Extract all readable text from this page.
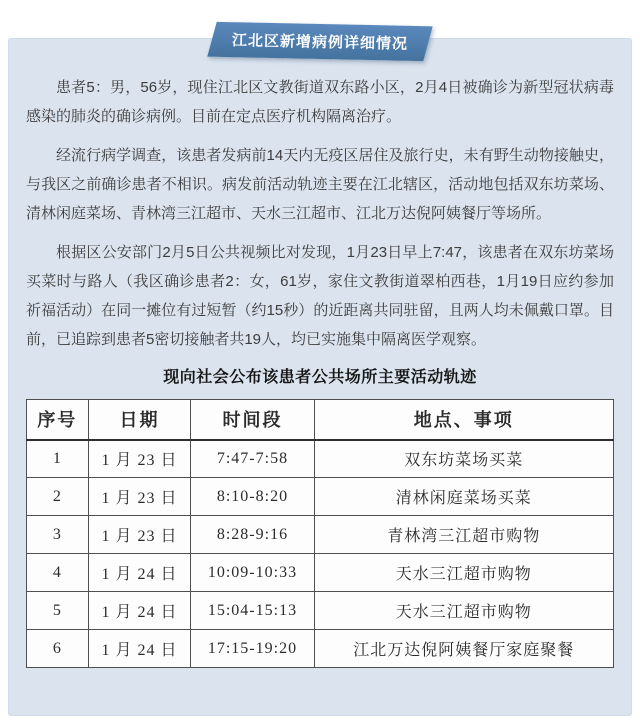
患者5：男，56岁，现住江北区文教街道双东路小区，2月4日被确诊为新型冠状病毒感染的肺炎的确诊病例。目前在定点医疗机构隔离治疗。

经流行病学调查，该患者发病前14天内无疫区居住及旅行史，未有野生动物接触史，与我区之前确诊患者不相识。病发前活动轨迹主要在江北辖区，活动地包括双东坊菜场、清林闲庭菜场、青林湾三江超市、天水三江超市、江北万达倪阿姨餐厅等场所。

根据区公安部门2月5日公共视频比对发现，1月23日早上7:47，该患者在双东坊菜场买菜时与路人（我区确诊患者2：女，61岁，家住文教街道翠柏西巷，1月19日应约参加祈福活动）在同一摊位有过短暂（约15秒）的近距离共同驻留，且两人均未佩戴口罩。目前，已追踪到患者5密切接触者共19人，均已实施集中隔离医学观察。

现向社会公布该患者公共场所主要活动轨迹
序号	日期	时间段	地点、事项
1	1 月 23 日	7:47-7:58	双东坊菜场买菜
2	1 月 23 日	8:10-8:20	清林闲庭菜场买菜
3	1 月 23 日	8:28-9:16	青林湾三江超市购物
4	1 月 24 日	10:09-10:33	天水三江超市购物
5	1 月 24 日	15:04-15:13	天水三江超市购物
6	1 月 24 日	17:15-19:20	江北万达倪阿姨餐厅家庭聚餐
江北区新增病例详细情况
